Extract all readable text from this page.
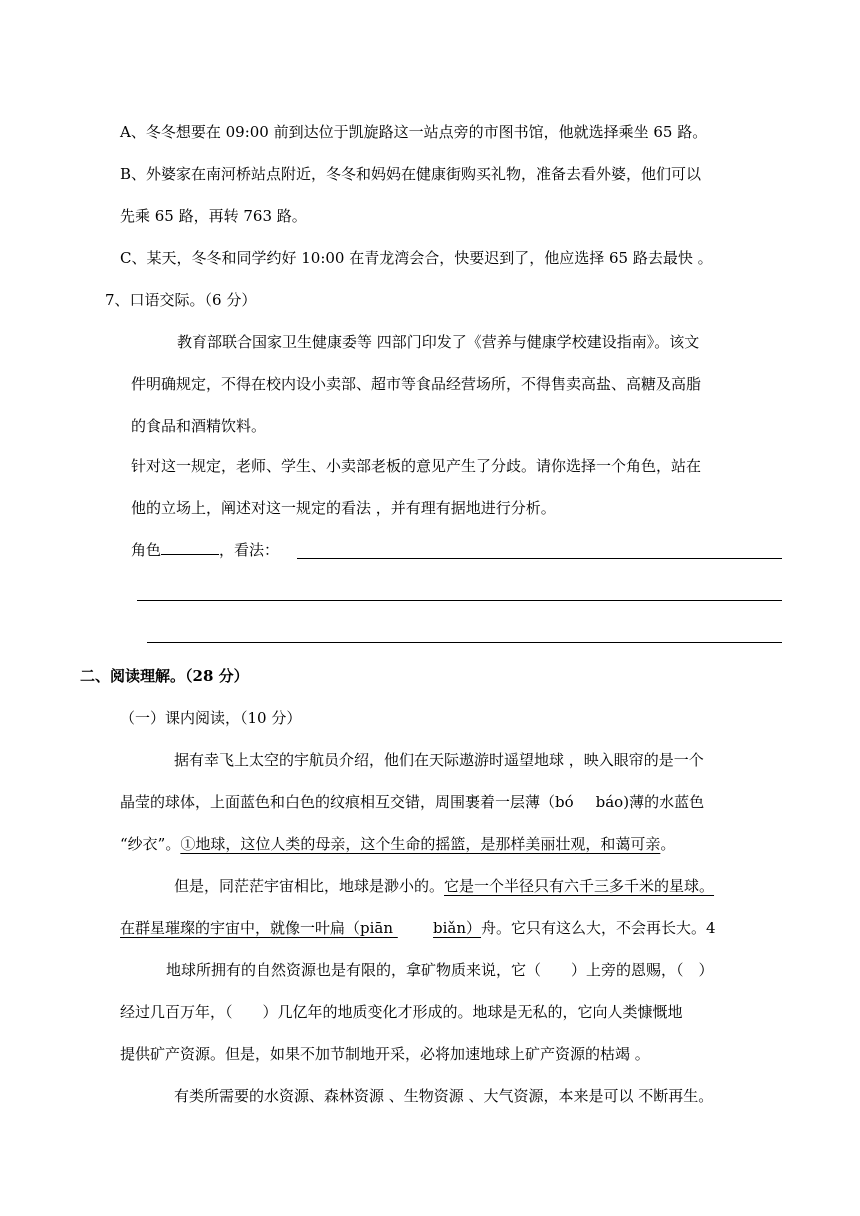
A、冬冬想要在 09:00 前到达位于凯旋路这一站点旁的市图书馆，他就选择乘坐 65 路。
B、外婆家在南河桥站点附近，冬冬和妈妈在健康街购买礼物，准备去看外婆，他们可以
先乘 65 路，再转 763 路。
C、某天，冬冬和同学约好 10:00 在青龙湾会合，快要迟到了，他应选择 65 路去最快 。
7、口语交际。（6 分）
教育部联合国家卫生健康委等 四部门印发了《营养与健康学校建设指南》。该文
件明确规定，不得在校内设小卖部、超市等食品经营场所，不得售卖高盐、高糖及高脂
的食品和酒精饮料。
针对这一规定，老师、学生、小卖部老板的意见产生了分歧。请你选择一个角色，站在
他的立场上，阐述对这一规定的看法 ，并有理有据地进行分析。
角色	，看法：
二、阅读理解。（28 分）
（一）课内阅读，（10 分）
据有幸飞上太空的宇航员介绍，他们在天际遨游时遥望地球 ，映入眼帘的是一个
晶莹的球体，上面蓝色和白色的纹痕相互交错，周围裹着一层薄（bó báo)薄的水蓝色
“纱衣”。①地球，这位人类的母亲，这个生命的摇篮，是那样美丽壮观，和蔼可亲。
但是，同茫茫宇宙相比，地球是渺小的。它是一个半径只有六千三多千米的星球。
在群星璀璨的宇宙中，就像一叶扁（piān	biǎn）舟。它只有这么大，不会再长大。4
地球所拥有的自然资源也是有限的，拿矿物质来说，它（　　）上旁的恩赐，（　）
经过几百万年，（　　）几亿年的地质变化才形成的。地球是无私的，它向人类慷慨地
提供矿产资源。但是，如果不加节制地开采，必将加速地球上矿产资源的枯竭 。
有类所需要的水资源、森林资源 、生物资源 、大气资源，本来是可以 不断再生。
